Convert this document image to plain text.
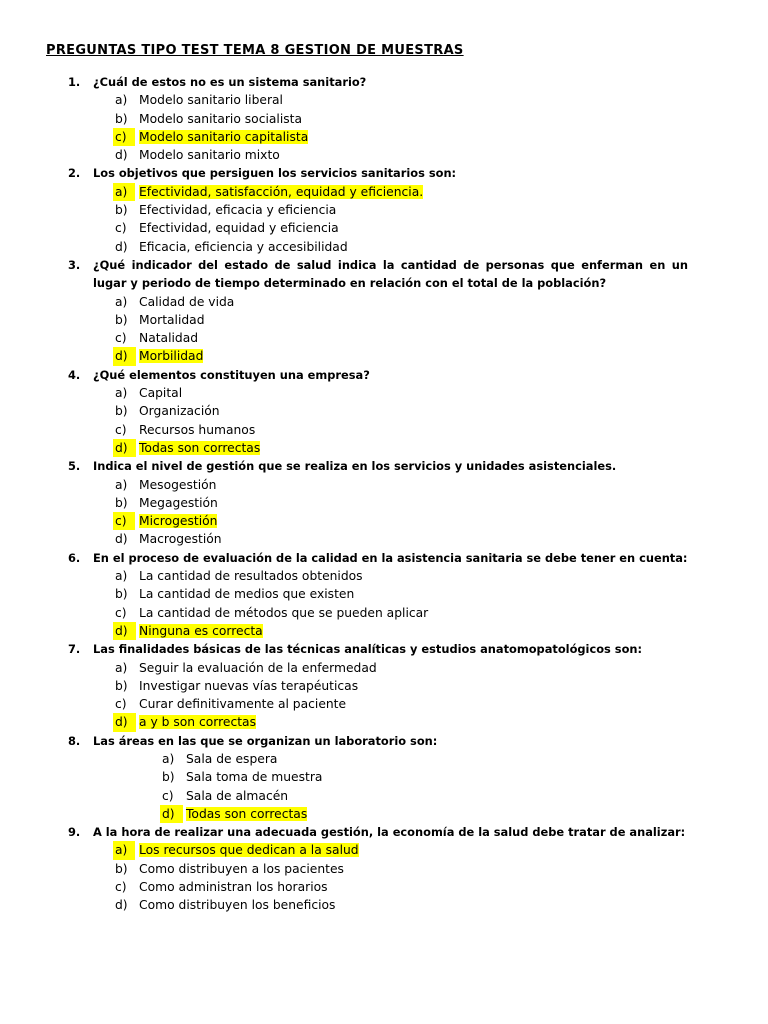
PREGUNTAS TIPO TEST TEMA 8 GESTION DE MUESTRAS
1. ¿Cuál de estos no es un sistema sanitario?
a) Modelo sanitario liberal
b) Modelo sanitario socialista
c)	Modelo sanitario capitalista
d) Modelo sanitario mixto
2. Los objetivos que persiguen los servicios sanitarios son:
a) Efectividad, satisfacción, equidad y eficiencia.
b) Efectividad, eficacia y eficiencia
c) Efectividad, equidad y eficiencia
d) Eficacia, eficiencia y accesibilidad
3. ¿Qué indicador del estado de salud indica la cantidad de personas que enferman en un lugar y periodo de tiempo determinado en relación con el total de la población?
a) Calidad de vida
b) Mortalidad
c) Natalidad
d) Morbilidad
4. ¿Qué elementos constituyen una empresa?
a) Capital
b) Organización
c) Recursos humanos
d) Todas son correctas
5. Indica el nivel de gestión que se realiza en los servicios y unidades asistenciales.
a) Mesogestión
b) Megagestión
c)	Microgestión
d) Macrogestión
6. En el proceso de evaluación de la calidad en la asistencia sanitaria se debe tener en cuenta:
a) La cantidad de resultados obtenidos
b) La cantidad de medios que existen
c) La cantidad de métodos que se pueden aplicar
d) Ninguna es correcta
7. Las finalidades básicas de las técnicas analíticas y estudios anatomopatológicos son:
a) Seguir la evaluación de la enfermedad
b) Investigar nuevas vías terapéuticas
c) Curar definitivamente al paciente
d) a y b son correctas
8. Las áreas en las que se organizan un laboratorio son:
a) Sala de espera
b) Sala toma de muestra
c) Sala de almacén
d) Todas son correctas
9. A la hora de realizar una adecuada gestión, la economía de la salud debe tratar de analizar:
a) Los recursos que dedican a la salud
b) Como distribuyen a los pacientes
c) Como administran los horarios
d) Como distribuyen los beneficios
